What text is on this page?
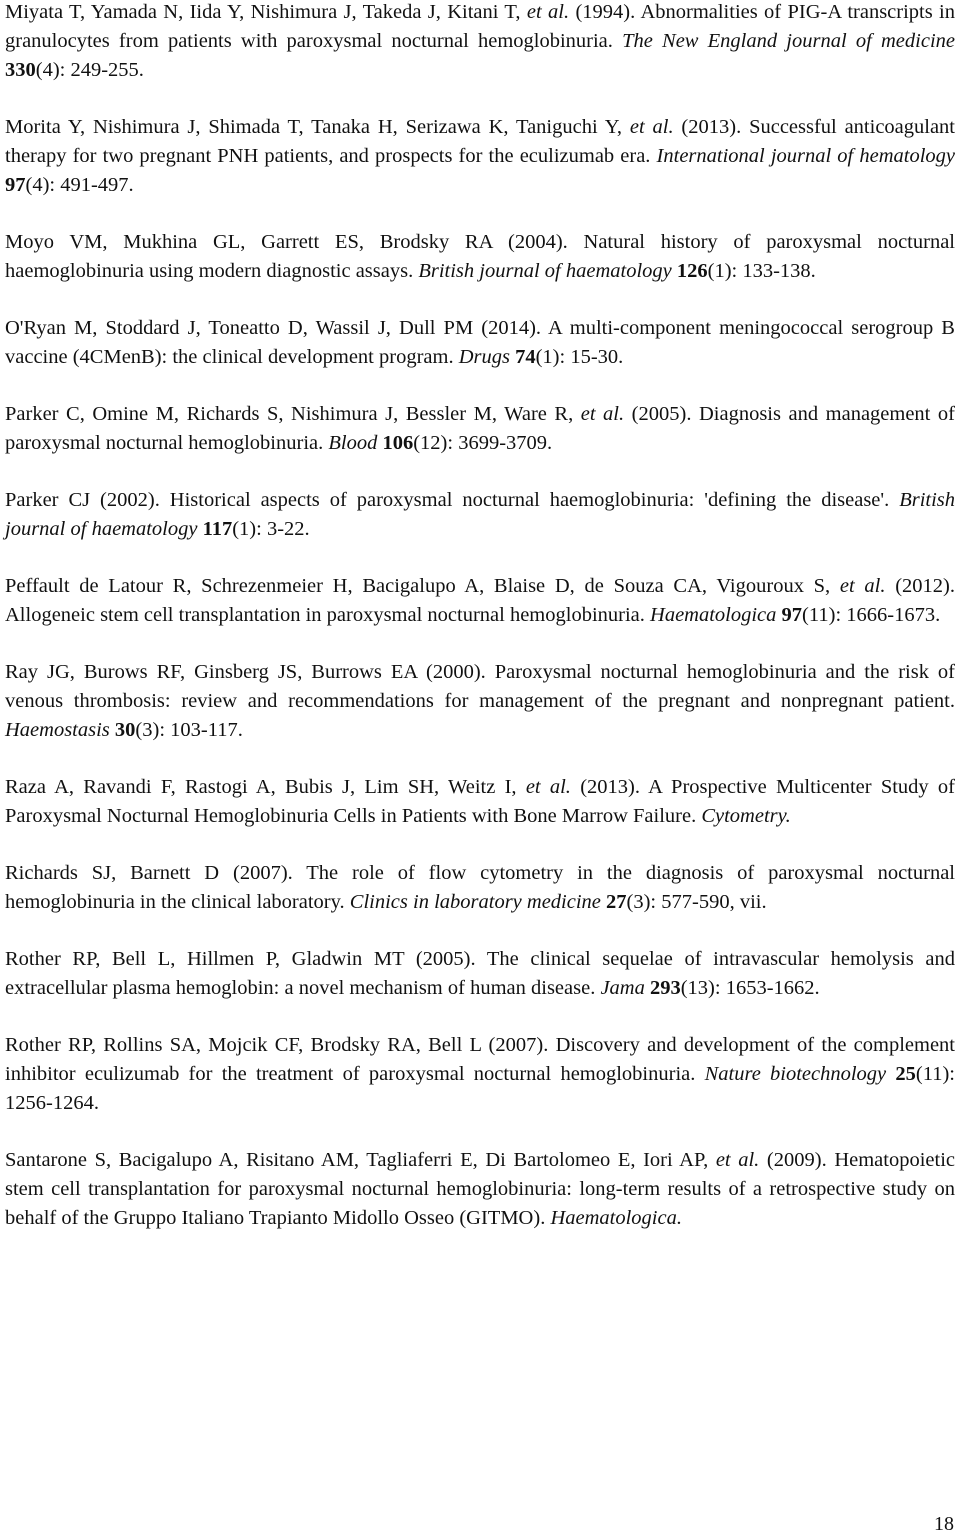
Miyata T, Yamada N, Iida Y, Nishimura J, Takeda J, Kitani T, et al. (1994). Abnormalities of PIG-A transcripts in granulocytes from patients with paroxysmal nocturnal hemoglobinuria. The New England journal of medicine 330(4): 249-255.
Morita Y, Nishimura J, Shimada T, Tanaka H, Serizawa K, Taniguchi Y, et al. (2013). Successful anticoagulant therapy for two pregnant PNH patients, and prospects for the eculizumab era. International journal of hematology 97(4): 491-497.
Moyo VM, Mukhina GL, Garrett ES, Brodsky RA (2004). Natural history of paroxysmal nocturnal haemoglobinuria using modern diagnostic assays. British journal of haematology 126(1): 133-138.
O'Ryan M, Stoddard J, Toneatto D, Wassil J, Dull PM (2014). A multi-component meningococcal serogroup B vaccine (4CMenB): the clinical development program. Drugs 74(1): 15-30.
Parker C, Omine M, Richards S, Nishimura J, Bessler M, Ware R, et al. (2005). Diagnosis and management of paroxysmal nocturnal hemoglobinuria. Blood 106(12): 3699-3709.
Parker CJ (2002). Historical aspects of paroxysmal nocturnal haemoglobinuria: 'defining the disease'. British journal of haematology 117(1): 3-22.
Peffault de Latour R, Schrezenmeier H, Bacigalupo A, Blaise D, de Souza CA, Vigouroux S, et al. (2012). Allogeneic stem cell transplantation in paroxysmal nocturnal hemoglobinuria. Haematologica 97(11): 1666-1673.
Ray JG, Burows RF, Ginsberg JS, Burrows EA (2000). Paroxysmal nocturnal hemoglobinuria and the risk of venous thrombosis: review and recommendations for management of the pregnant and nonpregnant patient. Haemostasis 30(3): 103-117.
Raza A, Ravandi F, Rastogi A, Bubis J, Lim SH, Weitz I, et al. (2013). A Prospective Multicenter Study of Paroxysmal Nocturnal Hemoglobinuria Cells in Patients with Bone Marrow Failure. Cytometry.
Richards SJ, Barnett D (2007). The role of flow cytometry in the diagnosis of paroxysmal nocturnal hemoglobinuria in the clinical laboratory. Clinics in laboratory medicine 27(3): 577-590, vii.
Rother RP, Bell L, Hillmen P, Gladwin MT (2005). The clinical sequelae of intravascular hemolysis and extracellular plasma hemoglobin: a novel mechanism of human disease. Jama 293(13): 1653-1662.
Rother RP, Rollins SA, Mojcik CF, Brodsky RA, Bell L (2007). Discovery and development of the complement inhibitor eculizumab for the treatment of paroxysmal nocturnal hemoglobinuria. Nature biotechnology 25(11): 1256-1264.
Santarone S, Bacigalupo A, Risitano AM, Tagliaferri E, Di Bartolomeo E, Iori AP, et al. (2009). Hematopoietic stem cell transplantation for paroxysmal nocturnal hemoglobinuria: long-term results of a retrospective study on behalf of the Gruppo Italiano Trapianto Midollo Osseo (GITMO). Haematologica.
18
